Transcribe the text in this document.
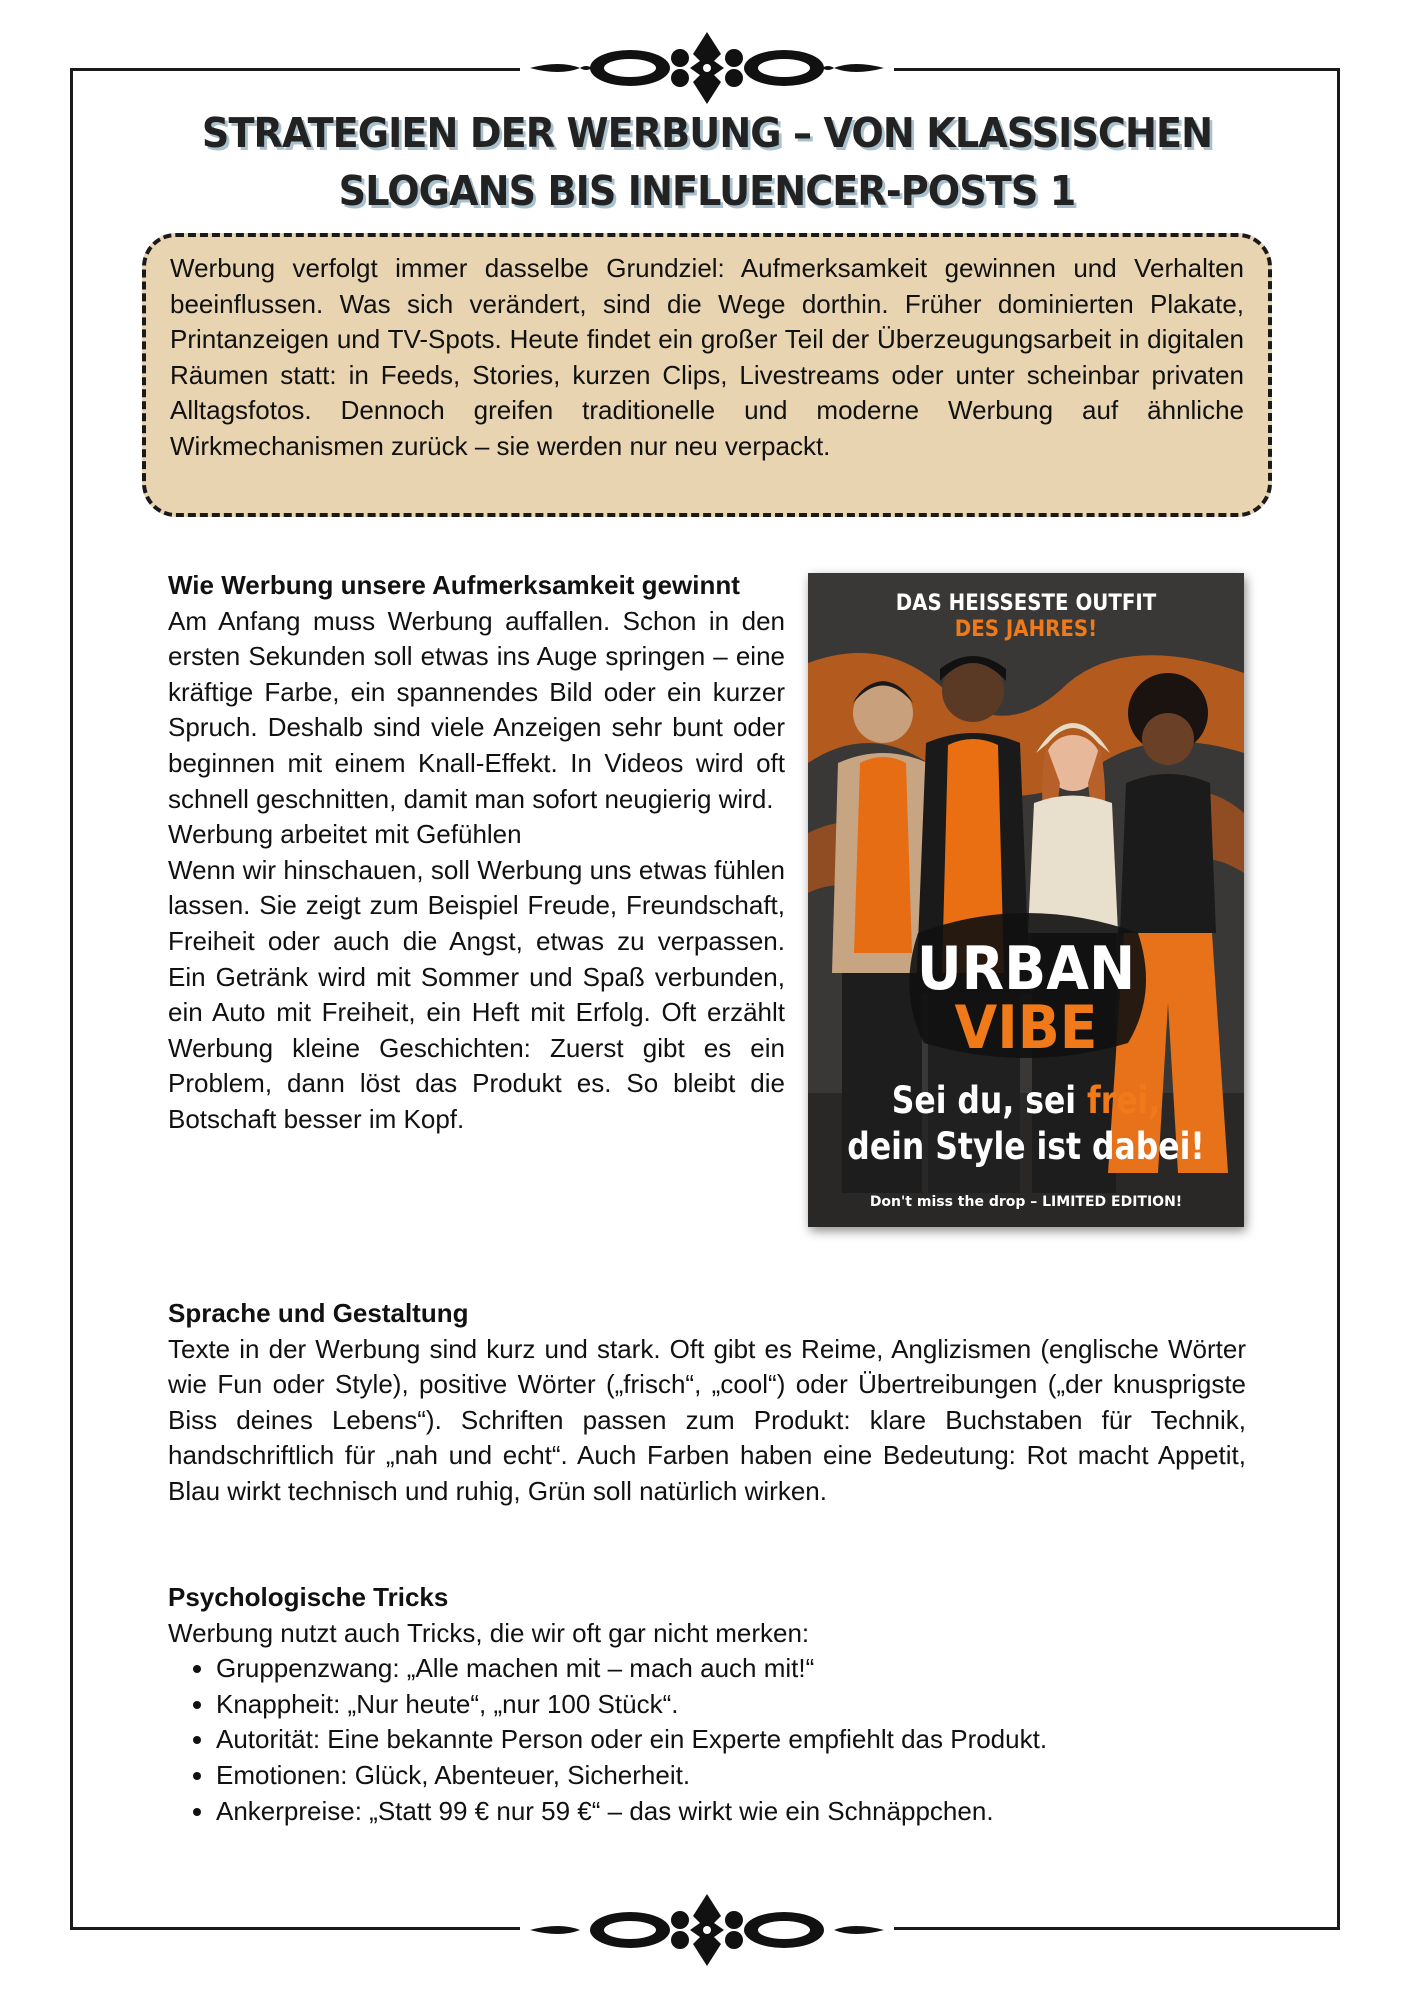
STRATEGIEN DER WERBUNG – VON KLASSISCHEN SLOGANS BIS INFLUENCER-POSTS 1

Werbung verfolgt immer dasselbe Grundziel: Aufmerksamkeit gewinnen und Verhalten beeinflussen. Was sich verändert, sind die Wege dorthin. Früher dominierten Plakate, Printanzeigen und TV-Spots. Heute findet ein großer Teil der Überzeugungsarbeit in digitalen Räumen statt: in Feeds, Stories, kurzen Clips, Livestreams oder unter scheinbar privaten Alltagsfotos. Dennoch greifen traditionelle und moderne Werbung auf ähnliche Wirkmechanismen zurück – sie werden nur neu verpackt.

Wie Werbung unsere Aufmerksamkeit gewinnt

Am Anfang muss Werbung auffallen. Schon in den ersten Sekunden soll etwas ins Auge springen – eine kräftige Farbe, ein spannendes Bild oder ein kurzer Spruch. Deshalb sind viele Anzeigen sehr bunt oder beginnen mit einem Knall-Effekt. In Videos wird oft schnell geschnitten, damit man sofort neugierig wird.

Werbung arbeitet mit Gefühlen

Wenn wir hinschauen, soll Werbung uns etwas fühlen lassen. Sie zeigt zum Beispiel Freude, Freundschaft, Freiheit oder auch die Angst, etwas zu verpassen. Ein Getränk wird mit Sommer und Spaß verbunden, ein Auto mit Freiheit, ein Heft mit Erfolg. Oft erzählt Werbung kleine Geschichten: Zuerst gibt es ein Problem, dann löst das Produkt es. So bleibt die Botschaft besser im Kopf.

DAS HEISSESTE OUTFIT
DES JAHRES!
URBAN
VIBE
Sei du, sei frei,
dein Style ist dabei!
Don't miss the drop – LIMITED EDITION!
Sprache und Gestaltung

Texte in der Werbung sind kurz und stark. Oft gibt es Reime, Anglizismen (englische Wörter wie Fun oder Style), positive Wörter („frisch“, „cool“) oder Übertreibungen („der knusprigste Biss deines Lebens“). Schriften passen zum Produkt: klare Buchstaben für Technik, handschriftlich für „nah und echt“. Auch Farben haben eine Bedeutung: Rot macht Appetit, Blau wirkt technisch und ruhig, Grün soll natürlich wirken.

Psychologische Tricks

Werbung nutzt auch Tricks, die wir oft gar nicht merken:

• Gruppenzwang: „Alle machen mit – mach auch mit!“
• Knappheit: „Nur heute“, „nur 100 Stück“.
• Autorität: Eine bekannte Person oder ein Experte empfiehlt das Produkt.
• Emotionen: Glück, Abenteuer, Sicherheit.
• Ankerpreise: „Statt 99 € nur 59 €“ – das wirkt wie ein Schnäppchen.
